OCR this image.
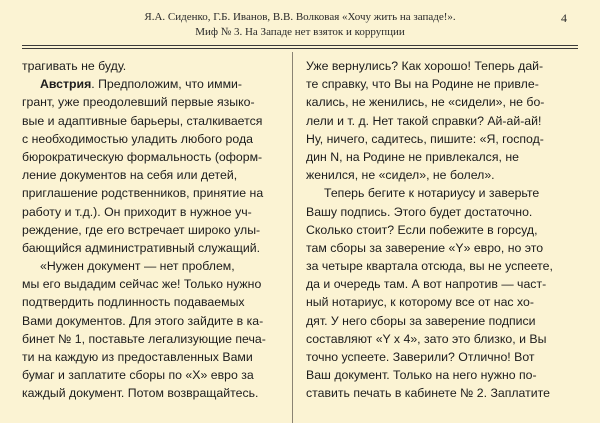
Я.А. Сиденко, Г.Б. Иванов, В.В. Волковая «Хочу жить на западе!».
Миф № 3. На Западе нет взяток и коррупции
4
трагивать не буду.
Австрия. Предположим, что имми-
грант, уже преодолевший первые языко-
вые и адаптивные барьеры, сталкивается
с необходимостью уладить любого рода
бюрократическую формальность (оформ-
ление документов на себя или детей,
приглашение родственников, принятие на
работу и т.д.). Он приходит в нужное уч-
реждение, где его встречает широко улы-
бающийся административный служащий.
«Нужен документ — нет проблем,
мы его выдадим сейчас же! Только нужно
подтвердить подлинность подаваемых
Вами документов. Для этого зайдите в ка-
бинет № 1, поставьте легализующие печа-
ти на каждую из предоставленных Вами
бумаг и заплатите сборы по «Х» евро за
каждый документ. Потом возвращайтесь.
Уже вернулись? Как хорошо! Теперь дай-
те справку, что Вы на Родине не привле-
кались, не женились, не «сидели», не бо-
лели и т. д. Нет такой справки? Ай-ай-ай!
Ну, ничего, садитесь, пишите: «Я, господ-
дин N, на Родине не привлекался, не
женился, не «сидел», не болел».
Теперь бегите к нотариусу и заверьте
Вашу подпись. Этого будет достаточно.
Сколько стоит? Если побежите в горсуд,
там сборы за заверение «Y» евро, но это
за четыре квартала отсюда, вы не успеете,
да и очередь там. А вот напротив — част-
ный нотариус, к которому все от нас хо-
дят. У него сборы за заверение подписи
составляют «Y х 4», зато это близко, и Вы
точно успеете. Заверили? Отлично! Вот
Ваш документ. Только на него нужно по-
ставить печать в кабинете № 2. Заплатите
